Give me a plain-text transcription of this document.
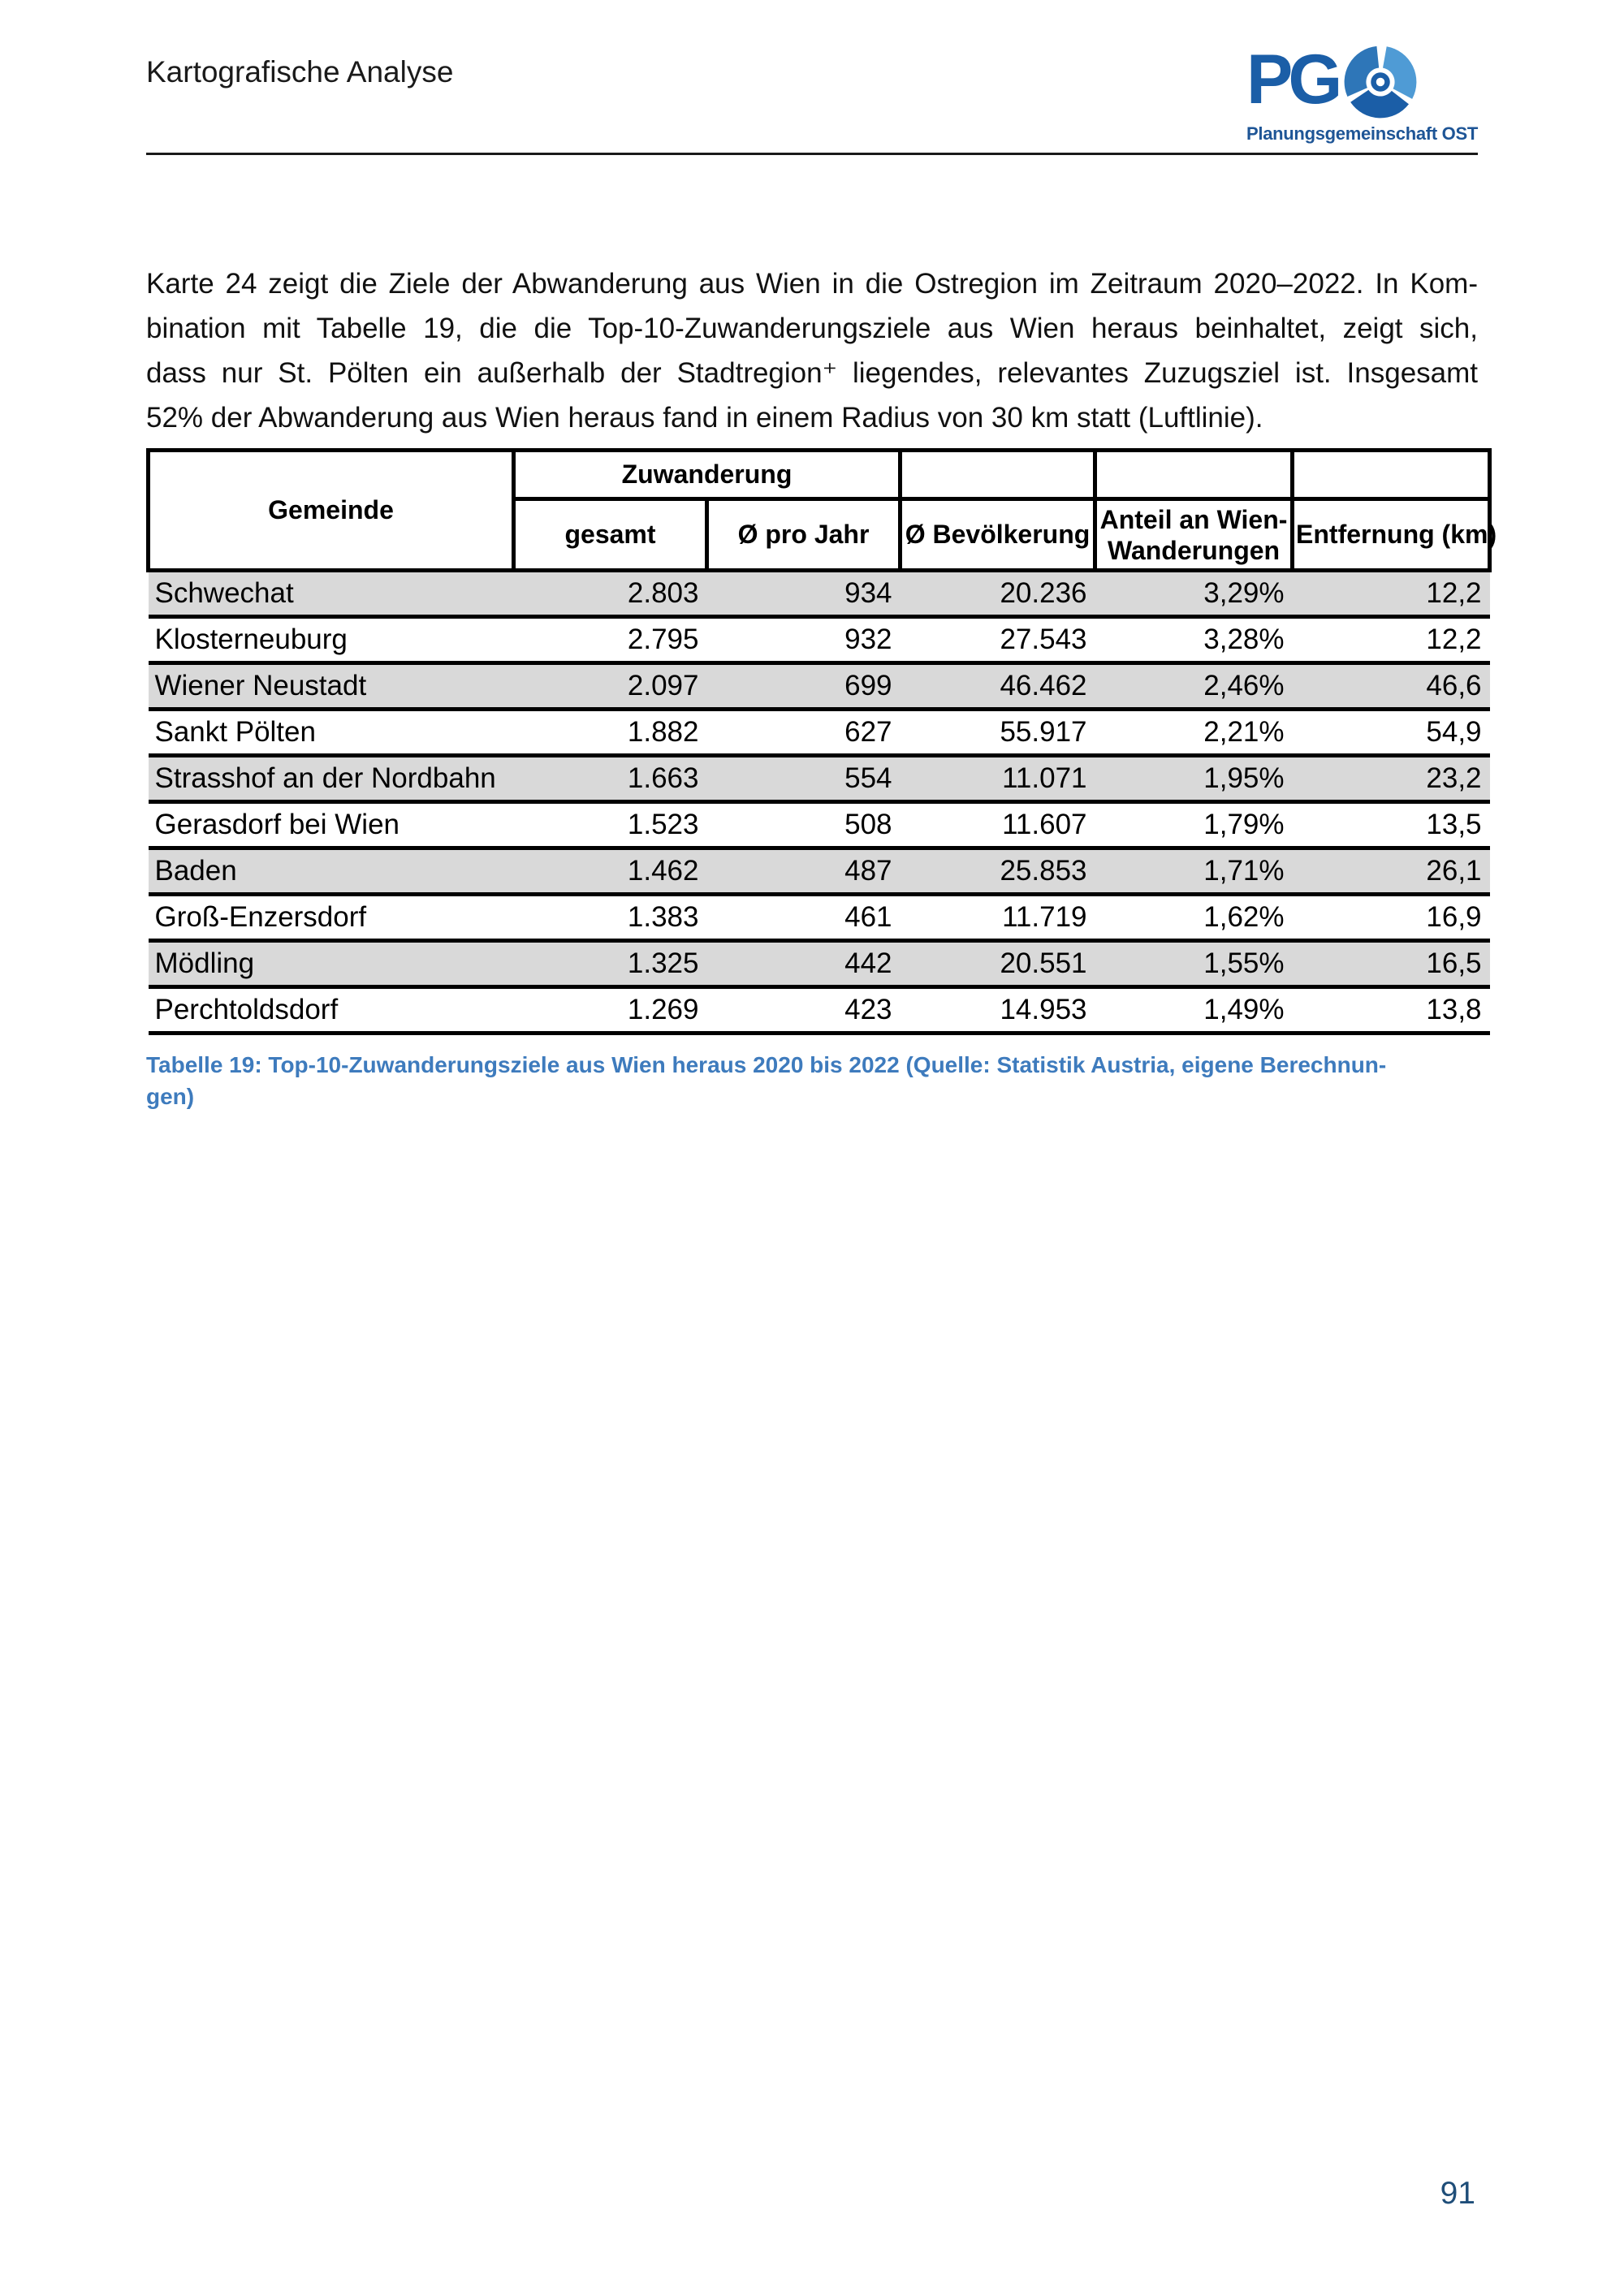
Kartografische Analyse	PG
Planungsgemeinschaft OST
Karte 24 zeigt die Ziele der Abwanderung aus Wien in die Ostregion im Zeitraum 2020–2022. In Kom-
bination mit Tabelle 19, die die Top-10-Zuwanderungsziele aus Wien heraus beinhaltet, zeigt sich,
dass nur St. Pölten ein außerhalb der Stadtregion⁺ liegendes, relevantes Zuzugsziel ist. Insgesamt
52% der Abwanderung aus Wien heraus fand in einem Radius von 30 km statt (Luftlinie).
Gemeinde	Zuwanderung				
	gesamt	Ø pro Jahr	Ø Bevölkerung	Anteil an Wien-Wanderungen	Entfernung (km)
Schwechat	2.803	934	20.236	3,29%	12,2
Klosterneuburg	2.795	932	27.543	3,28%	12,2
Wiener Neustadt	2.097	699	46.462	2,46%	46,6
Sankt Pölten	1.882	627	55.917	2,21%	54,9
Strasshof an der Nordbahn	1.663	554	11.071	1,95%	23,2
Gerasdorf bei Wien	1.523	508	11.607	1,79%	13,5
Baden	1.462	487	25.853	1,71%	26,1
Groß-Enzersdorf	1.383	461	11.719	1,62%	16,9
Mödling	1.325	442	20.551	1,55%	16,5
Perchtoldsdorf	1.269	423	14.953	1,49%	13,8
Tabelle 19: Top-10-Zuwanderungsziele aus Wien heraus 2020 bis 2022 (Quelle: Statistik Austria, eigene Berechnun-
gen)
91
